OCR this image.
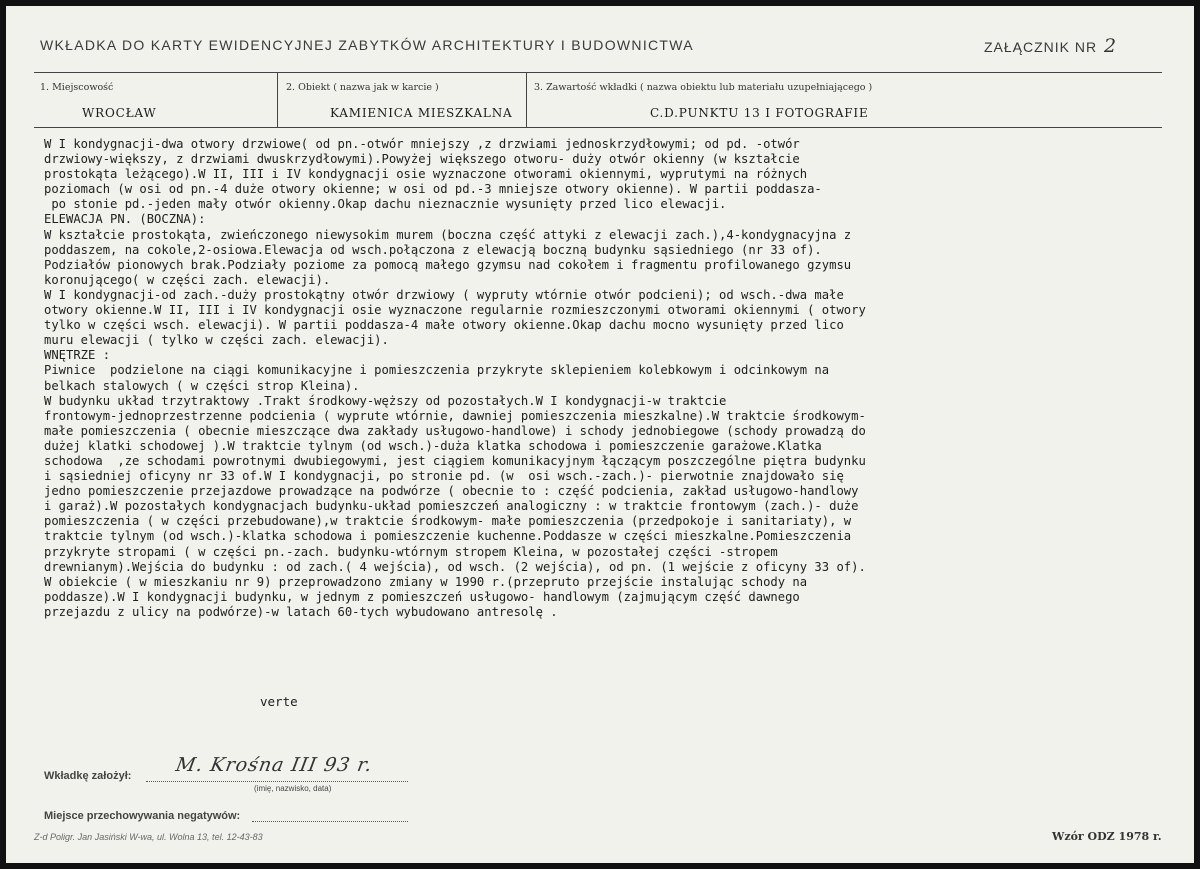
WKŁADKA DO KARTY EWIDENCYJNEJ ZABYTKÓW ARCHITEKTURY I BUDOWNICTWA	ZAŁĄCZNIK NR 2
1. Miejscowość
WROCŁAW
2. Obiekt ( nazwa jak w karcie )
KAMIENICA MIESZKALNA
3. Zawartość wkładki ( nazwa obiektu lub materiału uzupełniającego )
C.D.PUNKTU 13 I FOTOGRAFIE
W I kondygnacji-dwa otwory drzwiowe( od pn.-otwór mniejszy ,z drzwiami jednoskrzydłowymi; od pd. -otwór
drzwiowy-większy, z drzwiami dwuskrzydłowymi).Powyżej większego otworu- duży otwór okienny (w kształcie
prostokąta leżącego).W II, III i IV kondygnacji osie wyznaczone otworami okiennymi, wyprutymi na różnych
poziomach (w osi od pn.-4 duże otwory okienne; w osi od pd.-3 mniejsze otwory okienne). W partii poddasza-
po stonie pd.-jeden mały otwór okienny.Okap dachu nieznacznie wysunięty przed lico elewacji.
ELEWACJA PN. (BOCZNA):
W kształcie prostokąta, zwieńczonego niewysokim murem (boczna część attyki z elewacji zach.),4-kondygnacyjna z
poddaszem, na cokole,2-osiowa.Elewacja od wsch.połączona z elewacją boczną budynku sąsiedniego (nr 33 of).
Podziałów pionowych brak.Podziały poziome za pomocą małego gzymsu nad cokołem i fragmentu profilowanego gzymsu
koronującego( w części zach. elewacji).
W I kondygnacji-od zach.-duży prostokątny otwór drzwiowy ( wypruty wtórnie otwór podcieni); od wsch.-dwa małe
otwory okienne.W II, III i IV kondygnacji osie wyznaczone regularnie rozmieszczonymi otworami okiennymi ( otwory
tylko w części wsch. elewacji). W partii poddasza-4 małe otwory okienne.Okap dachu mocno wysunięty przed lico
muru elewacji ( tylko w części zach. elewacji).
WNĘTRZE :
Piwnice  podzielone na ciągi komunikacyjne i pomieszczenia przykryte sklepieniem kolebkowym i odcinkowym na
belkach stalowych ( w części strop Kleina).
W budynku układ trzytraktowy .Trakt środkowy-węższy od pozostałych.W I kondygnacji-w traktcie
frontowym-jednoprzestrzenne podcienia ( wyprute wtórnie, dawniej pomieszczenia mieszkalne).W traktcie środkowym-
małe pomieszczenia ( obecnie mieszczące dwa zakłady usługowo-handlowe) i schody jednobiegowe (schody prowadzą do
dużej klatki schodowej ).W traktcie tylnym (od wsch.)-duża klatka schodowa i pomieszczenie garażowe.Klatka
schodowa  ,ze schodami powrotnymi dwubiegowymi, jest ciągiem komunikacyjnym łączącym poszczególne piętra budynku
i sąsiedniej oficyny nr 33 of.W I kondygnacji, po stronie pd. (w  osi wsch.-zach.)- pierwotnie znajdowało się
jedno pomieszczenie przejazdowe prowadzące na podwórze ( obecnie to : część podcienia, zakład usługowo-handlowy
i garaż).W pozostałych kondygnacjach budynku-układ pomieszczeń analogiczny : w traktcie frontowym (zach.)- duże
pomieszczenia ( w części przebudowane),w traktcie środkowym- małe pomieszczenia (przedpokoje i sanitariaty), w
traktcie tylnym (od wsch.)-klatka schodowa i pomieszczenie kuchenne.Poddasze w części mieszkalne.Pomieszczenia
przykryte stropami ( w części pn.-zach. budynku-wtórnym stropem Kleina, w pozostałej części -stropem
drewnianym).Wejścia do budynku : od zach.( 4 wejścia), od wsch. (2 wejścia), od pn. (1 wejście z oficyny 33 of).
W obiekcie ( w mieszkaniu nr 9) przeprowadzono zmiany w 1990 r.(przepruto przejście instalując schody na
poddasze).W I kondygnacji budynku, w jednym z pomieszczeń usługowo- handlowym (zajmującym część dawnego
przejazdu z ulicy na podwórze)-w latach 60-tych wybudowano antresolę .
verte
Wkładkę założył: M. Krośna III 93 r.
(imię, nazwisko, data)
Miejsce przechowywania negatywów:
Z-d Poligr. Jan Jasiński W-wa, ul. Wolna 13, tel. 12-43-83	Wzór ODZ 1978 r.
